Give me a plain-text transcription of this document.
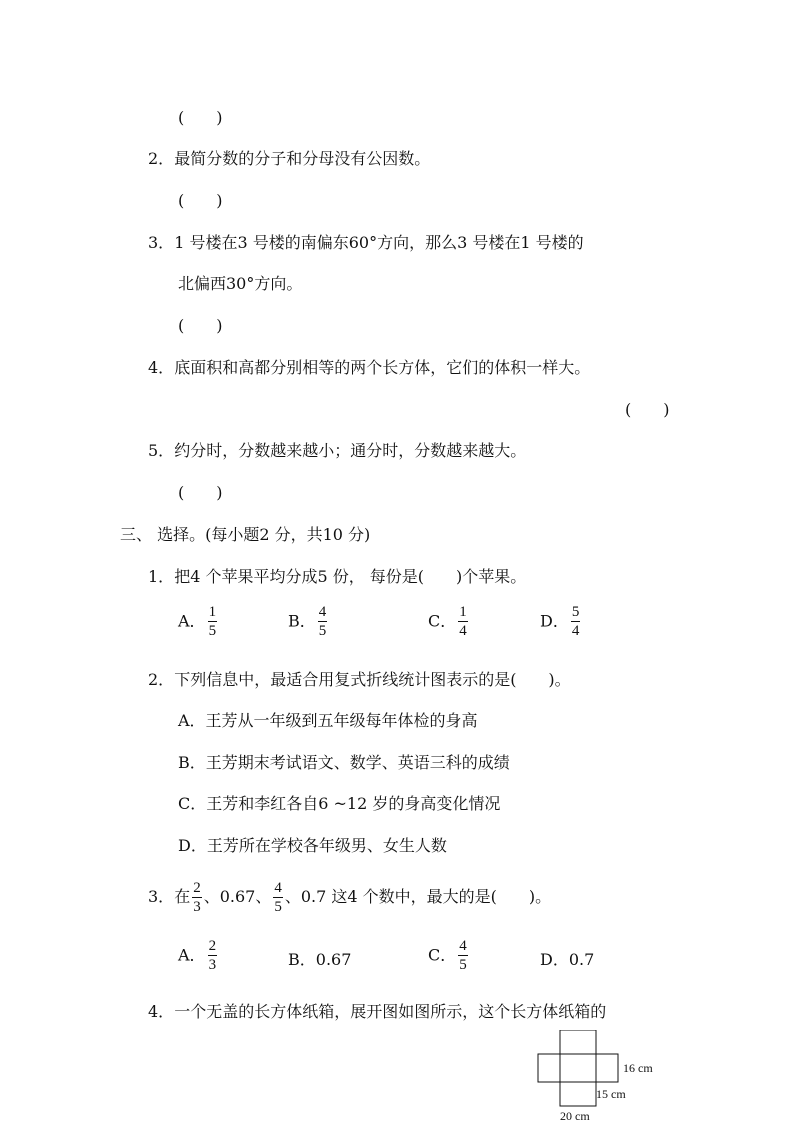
(　　)
2．最简分数的分子和分母没有公因数。
(　　)
3．1 号楼在3 号楼的南偏东60°方向，那么3 号楼在1 号楼的
北偏西30°方向。
(　　)
4．底面积和高都分别相等的两个长方体，它们的体积一样大。
(　　)
5．约分时，分数越来越小；通分时，分数越来越大。
(　　)
三、 选择。(每小题2 分，共10 分)
1．把4 个苹果平均分成5 份， 每份是(　　)个苹果。
A． $\frac{1}{5}$	B． $\frac{4}{5}$	C． $\frac{1}{4}$	D． $\frac{5}{4}$
2．下列信息中，最适合用复式折线统计图表示的是(　　)。
A．王芳从一年级到五年级每年体检的身高
B．王芳期末考试语文、数学、英语三科的成绩
C．王芳和李红各自6 ~12 岁的身高变化情况
D．王芳所在学校各年级男、女生人数
3．在 $\frac{2}{3}$ 、0.67、 $\frac{4}{5}$ 、0.7 这4 个数中，最大的是(　　)。
A． $\frac{2}{3}$	B．0.67	C． $\frac{4}{5}$	D．0.7
4．一个无盖的长方体纸箱，展开图如图所示，这个长方体纸箱的
16 cm
15 cm
20 cm
